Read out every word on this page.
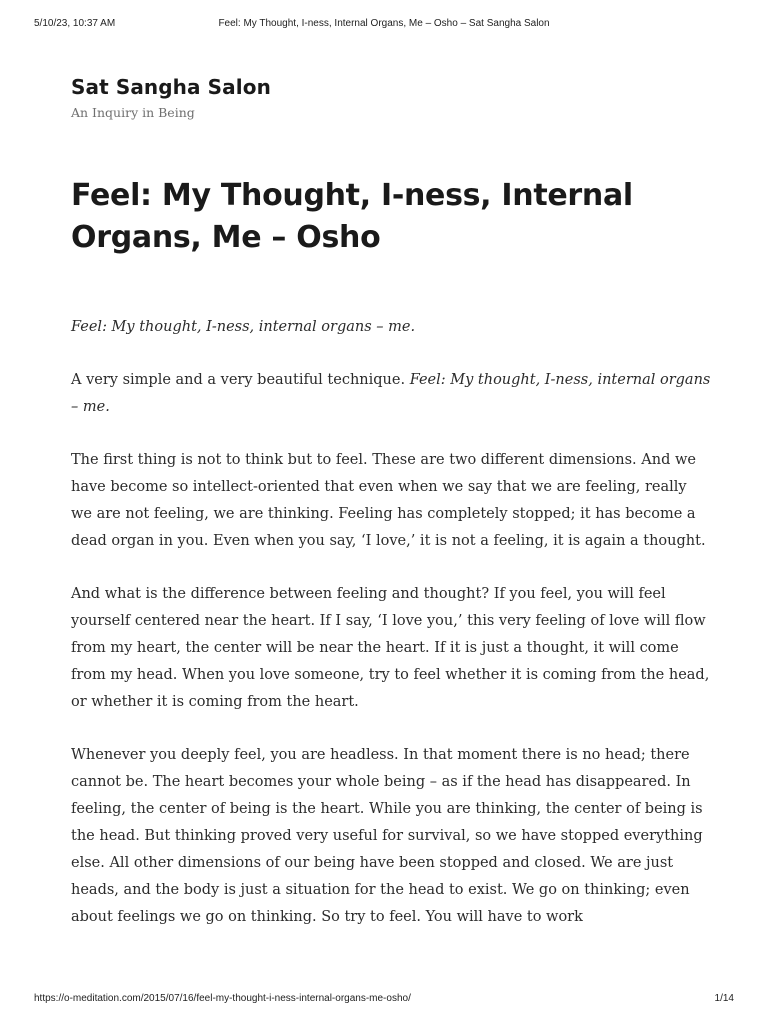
5/10/23, 10:37 AM	Feel: My Thought, I-ness, Internal Organs, Me – Osho – Sat Sangha Salon
Sat Sangha Salon
An Inquiry in Being
Feel: My Thought, I-ness, Internal Organs, Me – Osho

Feel: My thought, I-ness, internal organs – me.

A very simple and a very beautiful technique. Feel: My thought, I-ness, internal organs – me.

The first thing is not to think but to feel. These are two different dimensions. And we have become so intellect-oriented that even when we say that we are feeling, really we are not feeling, we are thinking. Feeling has completely stopped; it has become a dead organ in you. Even when you say, ‘I love,’ it is not a feeling, it is again a thought.

And what is the difference between feeling and thought? If you feel, you will feel yourself centered near the heart. If I say, ‘I love you,’ this very feeling of love will flow from my heart, the center will be near the heart. If it is just a thought, it will come from my head. When you love someone, try to feel whether it is coming from the head, or whether it is coming from the heart.

Whenever you deeply feel, you are headless. In that moment there is no head; there cannot be. The heart becomes your whole being – as if the head has disappeared. In feeling, the center of being is the heart. While you are thinking, the center of being is the head. But thinking proved very useful for survival, so we have stopped everything else. All other dimensions of our being have been stopped and closed. We are just heads, and the body is just a situation for the head to exist. We go on thinking; even about feelings we go on thinking. So try to feel. You will have to work

https://o-meditation.com/2015/07/16/feel-my-thought-i-ness-internal-organs-me-osho/	1/14
